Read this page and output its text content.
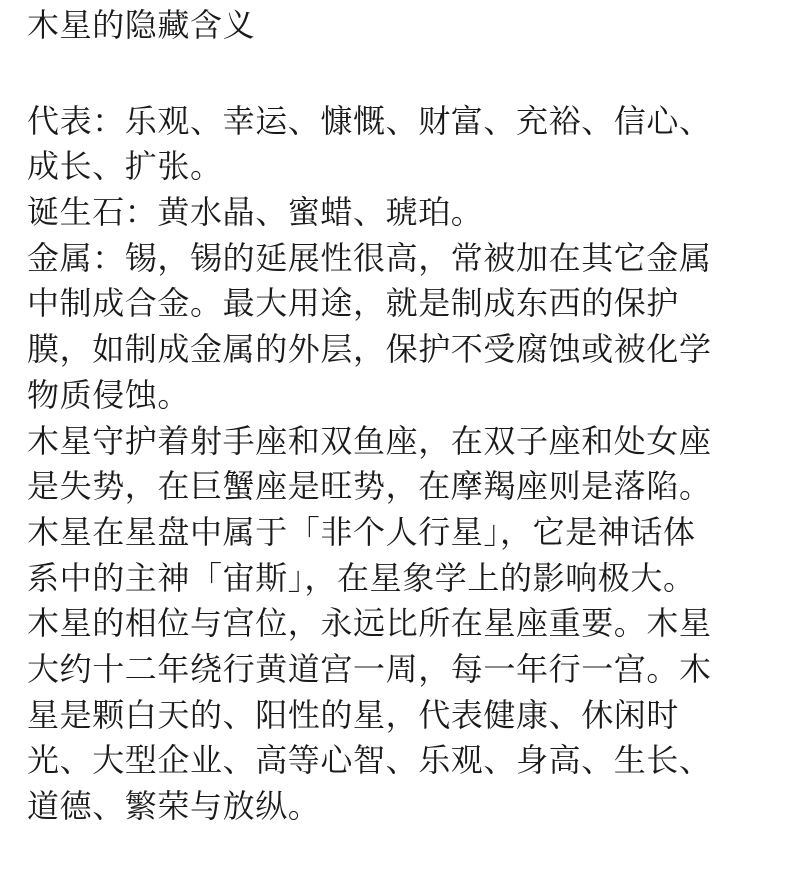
木星的隐藏含义
代表：乐观、幸运、慷慨、财富、充裕、信心、
成长、扩张。
诞生石：黄水晶、蜜蜡、琥珀。
金属：锡，锡的延展性很高，常被加在其它金属
中制成合金。最大用途，就是制成东西的保护
膜，如制成金属的外层，保护不受腐蚀或被化学
物质侵蚀。
木星守护着射手座和双鱼座，在双子座和处女座
是失势，在巨蟹座是旺势，在摩羯座则是落陷。
木星在星盘中属于「非个人行星」，它是神话体
系中的主神「宙斯」，在星象学上的影响极大。
木星的相位与宫位，永远比所在星座重要。木星
大约十二年绕行黄道宫一周，每一年行一宫。木
星是颗白天的、阳性的星，代表健康、休闲时
光、大型企业、高等心智、乐观、身高、生长、
道德、繁荣与放纵。
